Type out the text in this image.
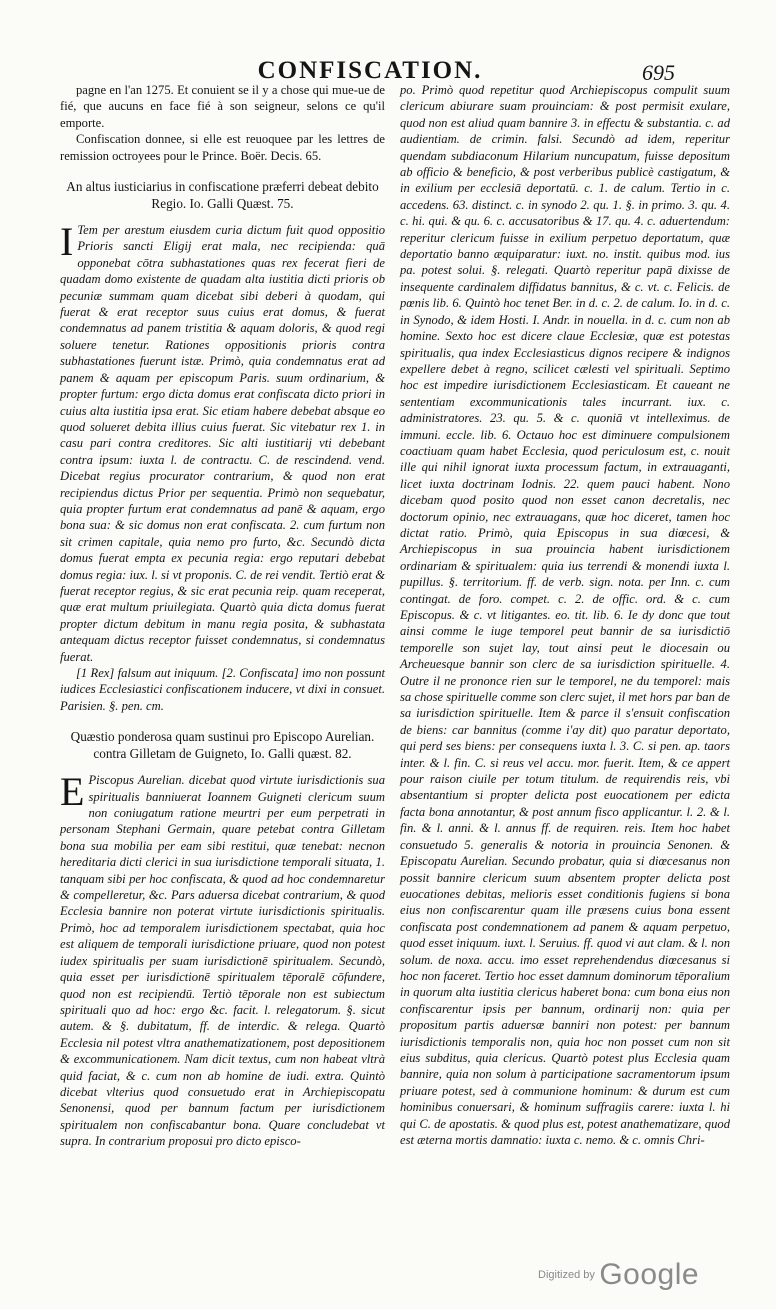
CONFISCATION.	695

pagne en l'an 1275. Et conuient se il y a chose qui mue-ue de fié, que aucuns en face fié à son seigneur, selons ce qu'il emporte.

Confiscation donnee, si elle est reuoquee par les lettres de remission octroyees pour le Prince. Boër. Decis. 65.

An altus iusticiarius in confiscatione præferri debeat debito Regio. Io. Galli Quæst. 75.

ITem per arestum eiusdem curia dictum fuit quod oppositio Prioris sancti Eligij erat mala, nec recipienda: quā opponebat cōtra subhastationes quas rex fecerat fieri de quadam domo existente de quadam alta iustitia dicti prioris ob pecuniæ summam quam dicebat sibi deberi à quodam, qui fuerat & erat receptor suus cuius erat domus, & fuerat condemnatus ad panem tristitia & aquam doloris, & quod regi soluere tenetur. Rationes oppositionis prioris contra subhastationes fuerunt istæ. Primò, quia condemnatus erat ad panem & aquam per episcopum Paris. suum ordinarium, & propter furtum: ergo dicta domus erat confiscata dicto priori in cuius alta iustitia ipsa erat. Sic etiam habere debebat absque eo quod solueret debita illius cuius fuerat. Sic vitebatur rex 1. in casu pari contra creditores. Sic alti iustitiarij vti debebant contra ipsum: iuxta l. de contractu. C. de rescindend. vend. Dicebat regius procurator contrarium, & quod non erat recipiendus dictus Prior per sequentia. Primò non sequebatur, quia propter furtum erat condemnatus ad panē & aquam, ergo bona sua: & sic domus non erat confiscata. 2. cum furtum non sit crimen capitale, quia nemo pro furto, &c. Secundò dicta domus fuerat empta ex pecunia regia: ergo reputari debebat domus regia: iux. l. si vt proponis. C. de rei vendit. Tertiò erat & fuerat receptor regius, & sic erat pecunia reip. quam receperat, quæ erat multum priuilegiata. Quartò quia dicta domus fuerat propter dictum debitum in manu regia posita, & subhastata antequam dictus receptor fuisset condemnatus, si condemnatus fuerat.

[1 Rex] falsum aut iniquum. [2. Confiscata] imo non possunt iudices Ecclesiastici confiscationem inducere, vt dixi in consuet. Parisien. §. pen. cm.

Quæstio ponderosa quam sustinui pro Episcopo Aurelian. contra Gilletam de Guigneto, Io. Galli quæst. 82.

EPiscopus Aurelian. dicebat quod virtute iurisdictionis sua spiritualis banniuerat Ioannem Guigneti clericum suum non coniugatum ratione meurtri per eum perpetrati in personam Stephani Germain, quare petebat contra Gilletam bona sua mobilia per eam sibi restitui, quæ tenebat: necnon hereditaria dicti clerici in sua iurisdictione temporali situata, 1. tanquam sibi per hoc confiscata, & quod ad hoc condemnaretur & compelleretur, &c. Pars aduersa dicebat contrarium, & quod Ecclesia bannire non poterat virtute iurisdictionis spiritualis. Primò, hoc ad temporalem iurisdictionem spectabat, quia hoc est aliquem de temporali iurisdictione priuare, quod non potest iudex spiritualis per suam iurisdictionē spiritualem. Secundò, quia esset per iurisdictionē spiritualem tēporalē cōfundere, quod non est recipiendū. Tertiò tēporale non est subiectum spirituali quo ad hoc: ergo &c. facit. l. relegatorum. §. sicut autem. & §. dubitatum, ff. de interdic. & relega. Quartò Ecclesia nil potest vltra anathematizationem, post depositionem & excommunicationem. Nam dicit textus, cum non habeat vltrà quid faciat, & c. cum non ab homine de iudi. extra. Quintò dicebat vlterius quod consuetudo erat in Archiepiscopatu Senonensi, quod per bannum factum per iurisdictionem spiritualem non confiscabantur bona. Quare concludebat vt supra. In contrarium proposui pro dicto episco-

po. Primò quod repetitur quod Archiepiscopus compulit suum clericum abiurare suam prouinciam: & post permisit exulare, quod non est aliud quam bannire 3. in effectu & substantia. c. ad audientiam. de crimin. falsi. Secundò ad idem, reperitur quendam subdiaconum Hilarium nuncupatum, fuisse depositum ab officio & beneficio, & post verberibus publicè castigatum, & in exilium per ecclesiā deportatū. c. 1. de calum. Tertio in c. accedens. 63. distinct. c. in synodo 2. qu. 1. §. in primo. 3. qu. 4. c. hi. qui. & qu. 6. c. accusatoribus & 17. qu. 4. c. aduertendum: reperitur clericum fuisse in exilium perpetuo deportatum, quæ deportatio banno æquiparatur: iuxt. no. instit. quibus mod. ius pa. potest solui. §. relegati. Quartò reperitur papā dixisse de insequente cardinalem diffidatus bannitus, & c. vt. c. Felicis. de pœnis lib. 6. Quintò hoc tenet Ber. in d. c. 2. de calum. Io. in d. c. in Synodo, & idem Hosti. I. Andr. in nouella. in d. c. cum non ab homine. Sexto hoc est dicere claue Ecclesiæ, quæ est potestas spiritualis, qua index Ecclesiasticus dignos recipere & indignos expellere debet à regno, scilicet cælesti vel spirituali. Septimo hoc est impedire iurisdictionem Ecclesiasticam. Et caueant ne sententiam excommunicationis tales incurrant. iux. c. administratores. 23. qu. 5. & c. quoniā vt intelleximus. de immuni. eccle. lib. 6. Octauo hoc est diminuere compulsionem coactiuam quam habet Ecclesia, quod periculosum est, c. nouit ille qui nihil ignorat iuxta processum factum, in extrauaganti, licet iuxta doctrinam Iodnis. 22. quem pauci habent. Nono dicebam quod posito quod non esset canon decretalis, nec doctorum opinio, nec extrauagans, quæ hoc diceret, tamen hoc dictat ratio. Primò, quia Episcopus in sua diœcesi, & Archiepiscopus in sua prouincia habent iurisdictionem ordinariam & spiritualem: quia ius terrendi & monendi iuxta l. pupillus. §. territorium. ff. de verb. sign. nota. per Inn. c. cum contingat. de foro. compet. c. 2. de offic. ord. & c. cum Episcopus. & c. vt litigantes. eo. tit. lib. 6. Ie dy donc que tout ainsi comme le iuge temporel peut bannir de sa iurisdictiō temporelle son sujet lay, tout ainsi peut le diocesain ou Archeuesque bannir son clerc de sa iurisdiction spirituelle. 4. Outre il ne prononce rien sur le temporel, ne du temporel: mais sa chose spirituelle comme son clerc sujet, il met hors par ban de sa iurisdiction spirituelle. Item & parce il s'ensuit confiscation de biens: car bannitus (comme i'ay dit) quo paratur deportato, qui perd ses biens: per consequens iuxta l. 3. C. si pen. ap. taors inter. & l. fin. C. si reus vel accu. mor. fuerit. Item, & ce appert pour raison ciuile per totum titulum. de requirendis reis, vbi absentantium si propter delicta post euocationem per edicta facta bona annotantur, & post annum fisco applicantur. l. 2. & l. fin. & l. anni. & l. annus ff. de requiren. reis. Item hoc habet consuetudo 5. generalis & notoria in prouincia Senonen. & Episcopatu Aurelian. Secundo probatur, quia si diœcesanus non possit bannire clericum suum absentem propter delicta post euocationes debitas, melioris esset conditionis fugiens si bona eius non confiscarentur quam ille præsens cuius bona essent confiscata post condemnationem ad panem & aquam perpetuo, quod esset iniquum. iuxt. l. Seruius. ff. quod vi aut clam. & l. non solum. de noxa. accu. imo esset reprehendendus diœcesanus si hoc non faceret. Tertio hoc esset damnum dominorum tēporalium in quorum alta iustitia clericus haberet bona: cum bona eius non confiscarentur ipsis per bannum, ordinarij non: quia per propositum partis aduersæ banniri non potest: per bannum iurisdictionis temporalis non, quia hoc non posset cum non sit eius subditus, quia clericus. Quartò potest plus Ecclesia quam bannire, quia non solum à participatione sacramentorum ipsum priuare potest, sed à communione hominum: & durum est cum hominibus conuersari, & hominum suffragiis carere: iuxta l. hi qui C. de apostatis. & quod plus est, potest anathematizare, quod est æterna mortis damnatio: iuxta c. nemo. & c. omnis Chri-

Digitized by Google
